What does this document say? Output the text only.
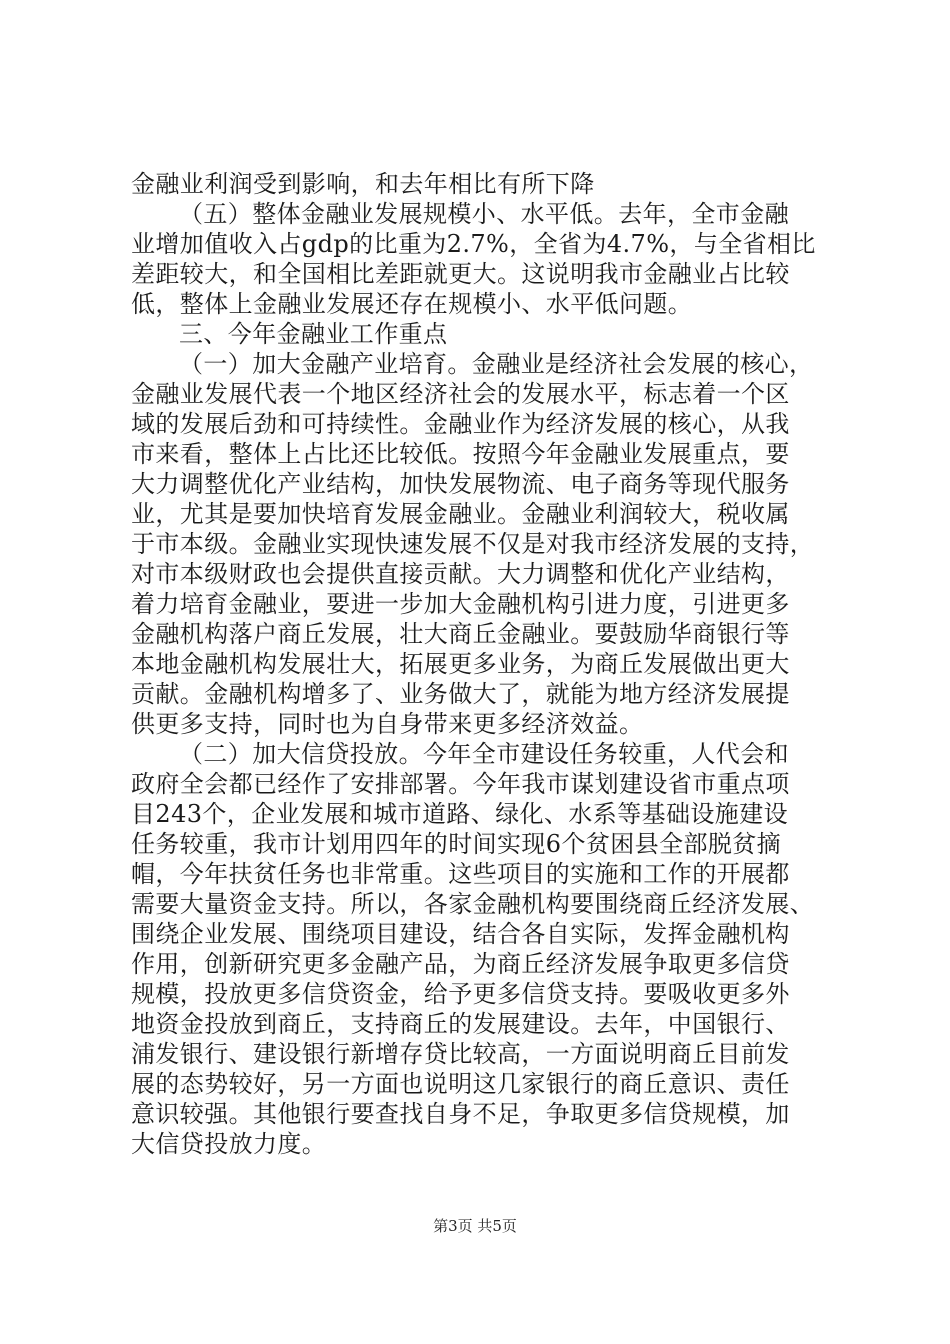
金融业利润受到影响，和去年相比有所下降
（五）整体金融业发展规模小、水平低。去年，全市金融
业增加值收入占gdp的比重为2.7%，全省为4.7%，与全省相比
差距较大，和全国相比差距就更大。这说明我市金融业占比较
低，整体上金融业发展还存在规模小、水平低问题。
三、今年金融业工作重点
（一）加大金融产业培育。金融业是经济社会发展的核心，
金融业发展代表一个地区经济社会的发展水平，标志着一个区
域的发展后劲和可持续性。金融业作为经济发展的核心，从我
市来看，整体上占比还比较低。按照今年金融业发展重点，要
大力调整优化产业结构，加快发展物流、电子商务等现代服务
业，尤其是要加快培育发展金融业。金融业利润较大，税收属
于市本级。金融业实现快速发展不仅是对我市经济发展的支持，
对市本级财政也会提供直接贡献。大力调整和优化产业结构，
着力培育金融业，要进一步加大金融机构引进力度，引进更多
金融机构落户商丘发展，壮大商丘金融业。要鼓励华商银行等
本地金融机构发展壮大，拓展更多业务，为商丘发展做出更大
贡献。金融机构增多了、业务做大了，就能为地方经济发展提
供更多支持，同时也为自身带来更多经济效益。
（二）加大信贷投放。今年全市建设任务较重，人代会和
政府全会都已经作了安排部署。今年我市谋划建设省市重点项
目243个，企业发展和城市道路、绿化、水系等基础设施建设
任务较重，我市计划用四年的时间实现6个贫困县全部脱贫摘
帽，今年扶贫任务也非常重。这些项目的实施和工作的开展都
需要大量资金支持。所以，各家金融机构要围绕商丘经济发展、
围绕企业发展、围绕项目建设，结合各自实际，发挥金融机构
作用，创新研究更多金融产品，为商丘经济发展争取更多信贷
规模，投放更多信贷资金，给予更多信贷支持。要吸收更多外
地资金投放到商丘，支持商丘的发展建设。去年，中国银行、
浦发银行、建设银行新增存贷比较高，一方面说明商丘目前发
展的态势较好，另一方面也说明这几家银行的商丘意识、责任
意识较强。其他银行要查找自身不足，争取更多信贷规模，加
大信贷投放力度。
第3页 共5页
